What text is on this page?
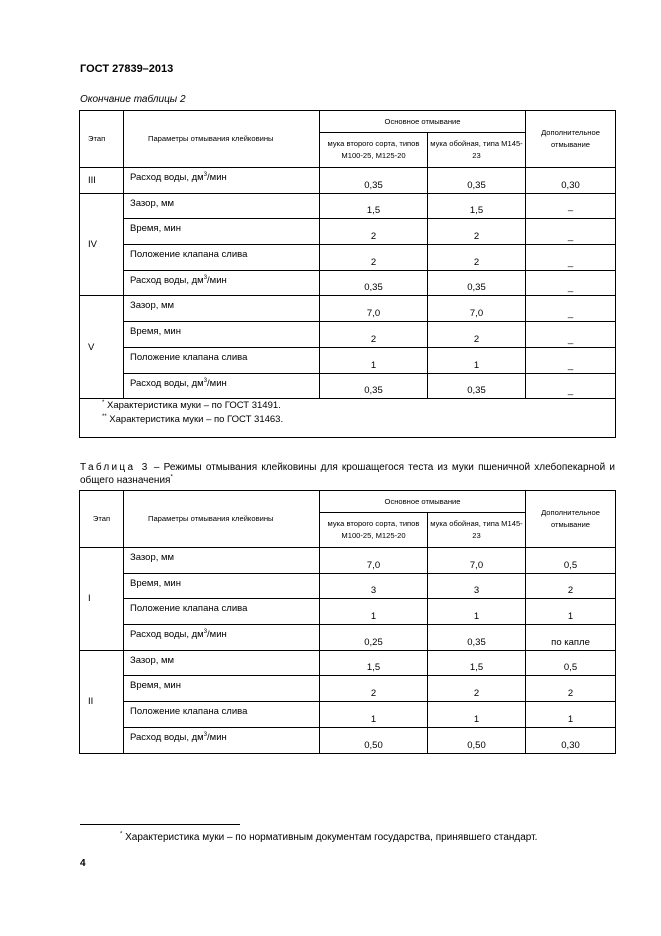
ГОСТ 27839–2013
Окончание таблицы 2
Этап	Параметры отмывания клейковины	Основное отмывание		Дополнительное отмывание
		мука второго сорта, типов М100-25, М125-20	мука обойная, типа М145-23	
III	Расход воды, $дм^3$/мин	0,35	0,35	0,30
IV	Зазор, мм	1,5	1,5	–
	Время, мин	2	2	_
	Положение клапана слива	2	2	_
	Расход воды, $дм^3$/мин	0,35	0,35	_
V	Зазор, мм	7,0	7,0	_
	Время, мин	2	2	_
	Положение клапана слива	1	1	_
	Расход воды, $дм^3$/мин	0,35	0,35	_

* Характеристика муки – по ГОСТ 31491.
** Характеристика муки – по ГОСТ 31463.				
Таблица 3 – Режимы отмывания клейковины для крошащегося теста из муки пшеничной хлебопекарной и общего назначения*
Этап	Параметры отмывания клейковины	Основное отмывание		Дополнительное отмывание
		мука второго сорта, типов М100-25, М125-20	мука обойная, типа М145-23	
I	Зазор, мм	7,0	7,0	0,5
	Время, мин	3	3	2
	Положение клапана слива	1	1	1
	Расход воды, $дм^3$/мин	0,25	0,35	по капле
II	Зазор, мм	1,5	1,5	0,5
	Время, мин	2	2	2
	Положение клапана слива	1	1	1
	Расход воды, $дм^3$/мин	0,50	0,50	0,30
* Характеристика муки – по нормативным документам государства, принявшего стандарт.
4
